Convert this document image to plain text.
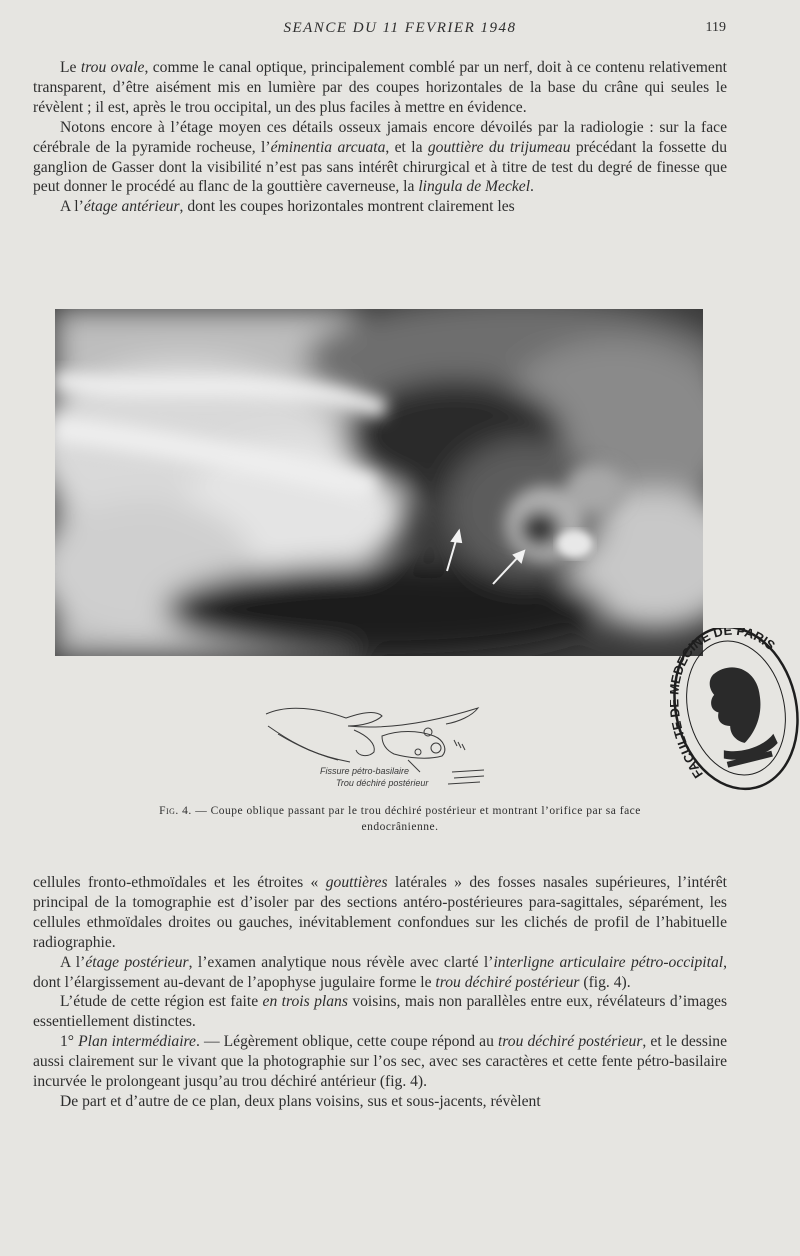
SEANCE DU 11 FEVRIER 1948	119

Le trou ovale, comme le canal optique, principalement comblé par un nerf, doit à ce contenu relativement transparent, d’être aisément mis en lumière par des coupes horizontales de la base du crâne qui seules le révèlent ; il est, après le trou occipital, un des plus faciles à mettre en évidence.

Notons encore à l’étage moyen ces détails osseux jamais encore dévoilés par la radiologie : sur la face cérébrale de la pyramide rocheuse, l’éminentia arcuata, et la gouttière du trijumeau précédant la fossette du ganglion de Gasser dont la visibilité n’est pas sans intérêt chirurgical et à titre de test du degré de finesse que peut donner le procédé au flanc de la gouttière caverneuse, la lingula de Meckel.

A l’étage antérieur, dont les coupes horizontales montrent clairement les

Fissure pétro-basilaire
Trou déchiré postérieur
Fig. 4. — Coupe oblique passant par le trou déchiré postérieur et montrant l’orifice par sa face endocrânienne.
FACULTE DE MEDECINE DE PARIS

cellules fronto-ethmoïdales et les étroites « gouttières latérales » des fosses nasales supérieures, l’intérêt principal de la tomographie est d’isoler par des sections antéro-postérieures para-sagittales, séparément, les cellules ethmoïdales droites ou gauches, inévitablement confondues sur les clichés de profil de l’habituelle radiographie.

A l’étage postérieur, l’examen analytique nous révèle avec clarté l’interligne articulaire pétro-occipital, dont l’élargissement au-devant de l’apophyse jugulaire forme le trou déchiré postérieur (fig. 4).

L’étude de cette région est faite en trois plans voisins, mais non parallèles entre eux, révélateurs d’images essentiellement distinctes.

1° Plan intermédiaire. — Légèrement oblique, cette coupe répond au trou déchiré postérieur, et le dessine aussi clairement sur le vivant que la photographie sur l’os sec, avec ses caractères et cette fente pétro-basilaire incurvée le prolongeant jusqu’au trou déchiré antérieur (fig. 4).

De part et d’autre de ce plan, deux plans voisins, sus et sous-jacents, révèlent
